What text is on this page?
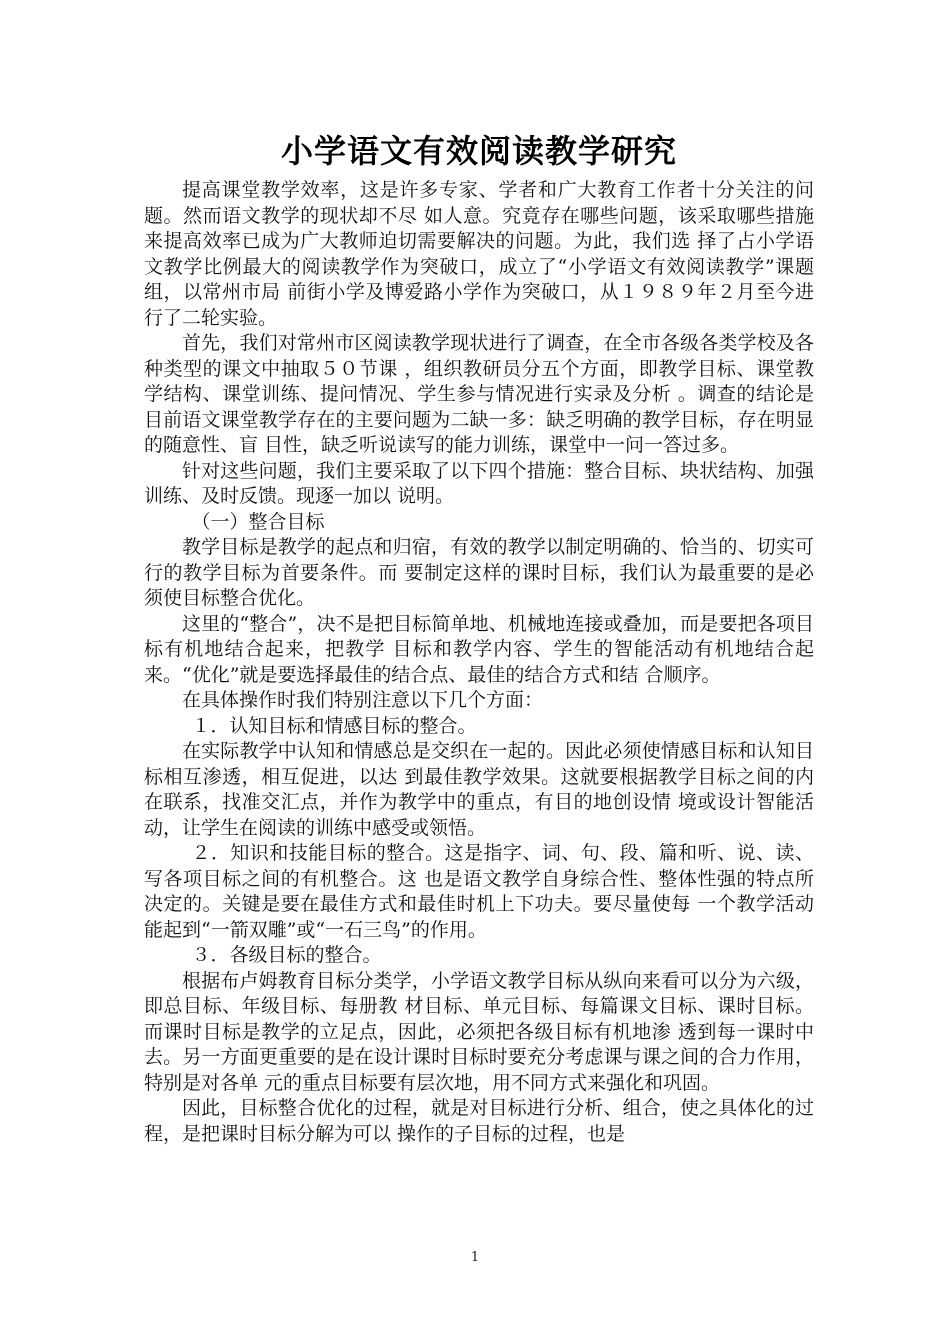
小学语文有效阅读教学研究

提高课堂教学效率，这是许多专家、学者和广大教育工作者十分关注的问题。然而语文教学的现状却不尽 如人意。究竟存在哪些问题，该采取哪些措施来提高效率已成为广大教师迫切需要解决的问题。为此，我们选 择了占小学语文教学比例最大的阅读教学作为突破口，成立了“小学语文有效阅读教学”课题组，以常州市局 前街小学及博爱路小学作为突破口，从１９８９年２月至今进行了二轮实验。

首先，我们对常州市区阅读教学现状进行了调查，在全市各级各类学校及各种类型的课文中抽取５０节课 ，组织教研员分五个方面，即教学目标、课堂教学结构、课堂训练、提问情况、学生参与情况进行实录及分析 。调查的结论是目前语文课堂教学存在的主要问题为二缺一多：缺乏明确的教学目标，存在明显的随意性、盲 目性，缺乏听说读写的能力训练，课堂中一问一答过多。

针对这些问题，我们主要采取了以下四个措施：整合目标、块状结构、加强训练、及时反馈。现逐一加以 说明。

（一）整合目标

教学目标是教学的起点和归宿，有效的教学以制定明确的、恰当的、切实可行的教学目标为首要条件。而 要制定这样的课时目标，我们认为最重要的是必须使目标整合优化。

这里的“整合”，决不是把目标简单地、机械地连接或叠加，而是要把各项目标有机地结合起来，把教学 目标和教学内容、学生的智能活动有机地结合起来。“优化”就是要选择最佳的结合点、最佳的结合方式和结 合顺序。

在具体操作时我们特别注意以下几个方面：

１．认知目标和情感目标的整合。

在实际教学中认知和情感总是交织在一起的。因此必须使情感目标和认知目标相互渗透，相互促进，以达 到最佳教学效果。这就要根据教学目标之间的内在联系，找准交汇点，并作为教学中的重点，有目的地创设情 境或设计智能活动，让学生在阅读的训练中感受或领悟。

２．知识和技能目标的整合。这是指字、词、句、段、篇和听、说、读、写各项目标之间的有机整合。这 也是语文教学自身综合性、整体性强的特点所决定的。关键是要在最佳方式和最佳时机上下功夫。要尽量使每 一个教学活动能起到“一箭双雕”或“一石三鸟”的作用。

３．各级目标的整合。

根据布卢姆教育目标分类学，小学语文教学目标从纵向来看可以分为六级，即总目标、年级目标、每册教 材目标、单元目标、每篇课文目标、课时目标。而课时目标是教学的立足点，因此，必须把各级目标有机地渗 透到每一课时中去。另一方面更重要的是在设计课时目标时要充分考虑课与课之间的合力作用，特别是对各单 元的重点目标要有层次地，用不同方式来强化和巩固。

因此，目标整合优化的过程，就是对目标进行分析、组合，使之具体化的过程，是把课时目标分解为可以 操作的子目标的过程，也是

1
